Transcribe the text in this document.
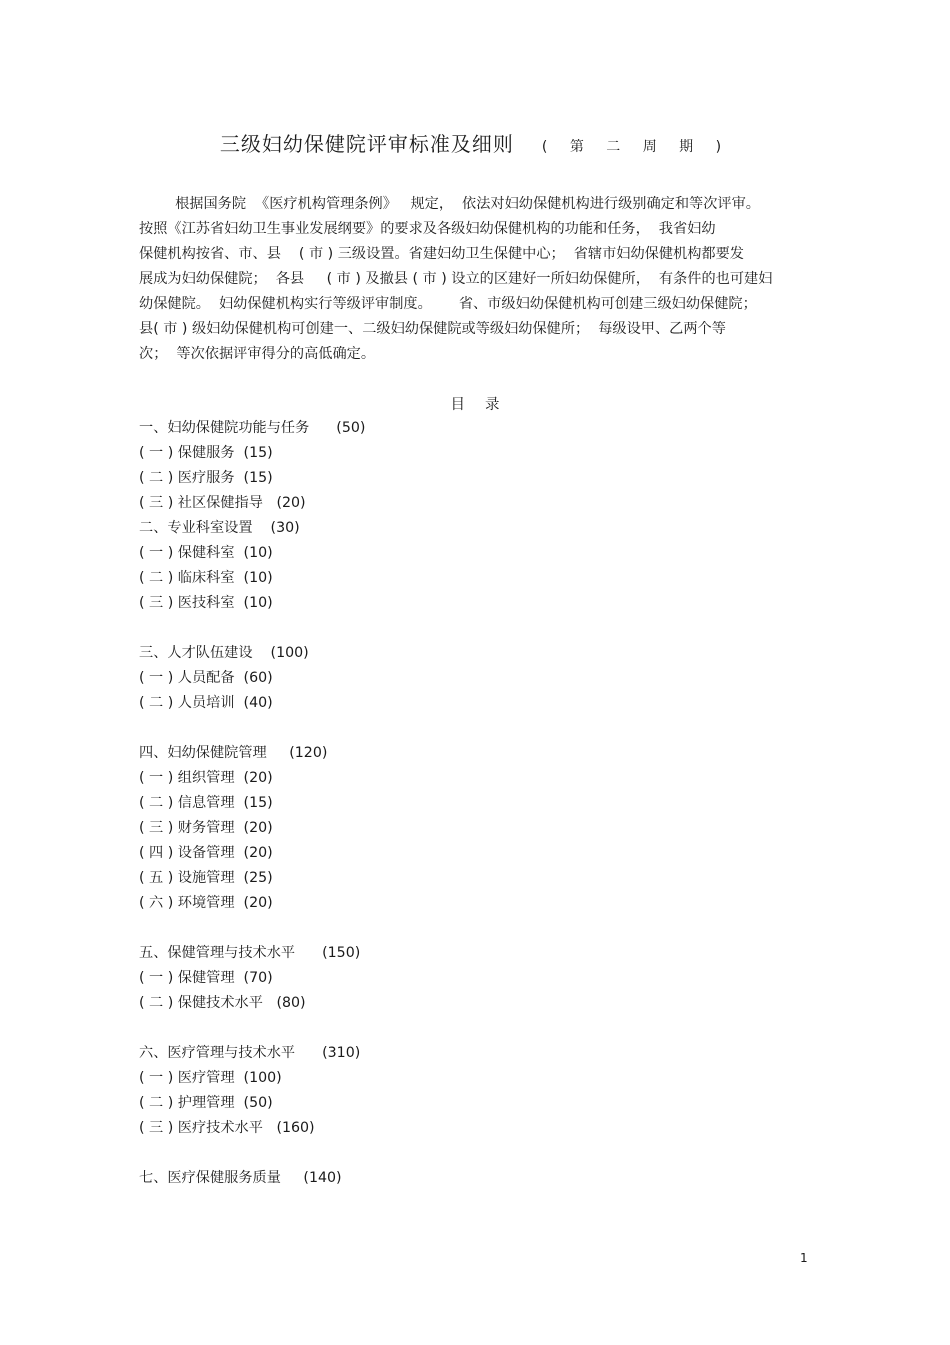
三级妇幼保健院评审标准及细则 ( 第 二 周 期 )
根据国务院  《医疗机构管理条例》   规定，  依法对妇幼保健机构进行级别确定和等次评审。
按照《江苏省妇幼卫生事业发展纲要》的要求及各级妇幼保健机构的功能和任务，  我省妇幼
保健机构按省、市、县    ( 市 ) 三级设置。省建妇幼卫生保健中心；  省辖市妇幼保健机构都要发
展成为妇幼保健院；  各县     ( 市 ) 及撤县 ( 市 ) 设立的区建好一所妇幼保健所，  有条件的也可建妇
幼保健院。  妇幼保健机构实行等级评审制度。      省、市级妇幼保健机构可创建三级妇幼保健院；
县( 市 ) 级妇幼保健机构可创建一、二级妇幼保健院或等级妇幼保健所；  每级设甲、乙两个等
次；  等次依据评审得分的高低确定。
目录
一、妇幼保健院功能与任务      (50)
( 一 ) 保健服务  (15)
( 二 ) 医疗服务  (15)
( 三 ) 社区保健指导   (20)
二、专业科室设置    (30)
( 一 ) 保健科室  (10)
( 二 ) 临床科室  (10)
( 三 ) 医技科室  (10)
三、人才队伍建设    (100)
( 一 ) 人员配备  (60)
( 二 ) 人员培训  (40)
四、妇幼保健院管理     (120)
( 一 ) 组织管理  (20)
( 二 ) 信息管理  (15)
( 三 ) 财务管理  (20)
( 四 ) 设备管理  (20)
( 五 ) 设施管理  (25)
( 六 ) 环境管理  (20)
五、保健管理与技术水平      (150)
( 一 ) 保健管理  (70)
( 二 ) 保健技术水平   (80)
六、医疗管理与技术水平      (310)
( 一 ) 医疗管理  (100)
( 二 ) 护理管理  (50)
( 三 ) 医疗技术水平   (160)
七、医疗保健服务质量     (140)
1
